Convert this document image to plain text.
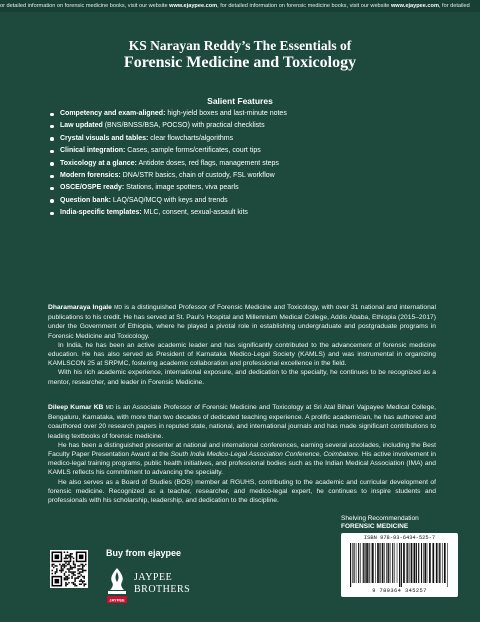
or detailed information on forensic medicine books, visit our website www.ejaypee.com, for detailed information on forensic medicine books, visit our website www.ejaypee.com, for detailed
KS Narayan Reddy’s The Essentials of
Forensic Medicine and Toxicology
Salient Features
Competency and exam-aligned: high-yield boxes and last-minute notes
Law updated (BNS/BNSS/BSA, POCSO) with practical checklists
Crystal visuals and tables: clear flowcharts/algorithms
Clinical integration: Cases, sample forms/certificates, court tips
Toxicology at a glance: Antidote doses, red flags, management steps
Modern forensics: DNA/STR basics, chain of custody, FSL workflow
OSCE/OSPE ready: Stations, image spotters, viva pearls
Question bank: LAQ/SAQ/MCQ with keys and trends
India-specific templates: MLC, consent, sexual-assault kits

Dharamaraya Ingale MD is a distinguished Professor of Forensic Medicine and Toxicology, with over 31 national and international publications to his credit. He has served at St. Paul’s Hospital and Millennium Medical College, Addis Ababa, Ethiopia (2015–2017) under the Government of Ethiopia, where he played a pivotal role in establishing undergraduate and postgraduate programs in Forensic Medicine and Toxicology.

In India, he has been an active academic leader and has significantly contributed to the advancement of forensic medicine education. He has also served as President of Karnataka Medico-Legal Society (KAMLS) and was instrumental in organizing KAMLSCON 25 at SRPMC, fostering academic collaboration and professional excellence in the field.

With his rich academic experience, international exposure, and dedication to the specialty, he continues to be recognized as a mentor, researcher, and leader in Forensic Medicine.

Dileep Kumar KB MD is an Associate Professor of Forensic Medicine and Toxicology at Sri Atal Bihari Vajpayee Medical College, Bengaluru, Karnataka, with more than two decades of dedicated teaching experience. A prolific academician, he has authored and coauthored over 20 research papers in reputed state, national, and international journals and has made significant contributions to leading textbooks of forensic medicine.

He has been a distinguished presenter at national and international conferences, earning several accolades, including the Best Faculty Paper Presentation Award at the South India Medico-Legal Association Conference, Coimbatore. His active involvement in medico-legal training programs, public health initiatives, and professional bodies such as the Indian Medical Association (IMA) and KAMLS reflects his commitment to advancing the specialty.

He also serves as a Board of Studies (BOS) member at RGUHS, contributing to the academic and curricular development of forensic medicine. Recognized as a teacher, researcher, and medico-legal expert, he continues to inspire students and professionals with his scholarship, leadership, and dedication to the discipline.

Shelving Recommendation
FORENSIC MEDICINE
ISBN 978-93-6434-525-7
9 789364 345257
Buy from ejaypee
JAYPEE
JAYPEE
BROTHERS
